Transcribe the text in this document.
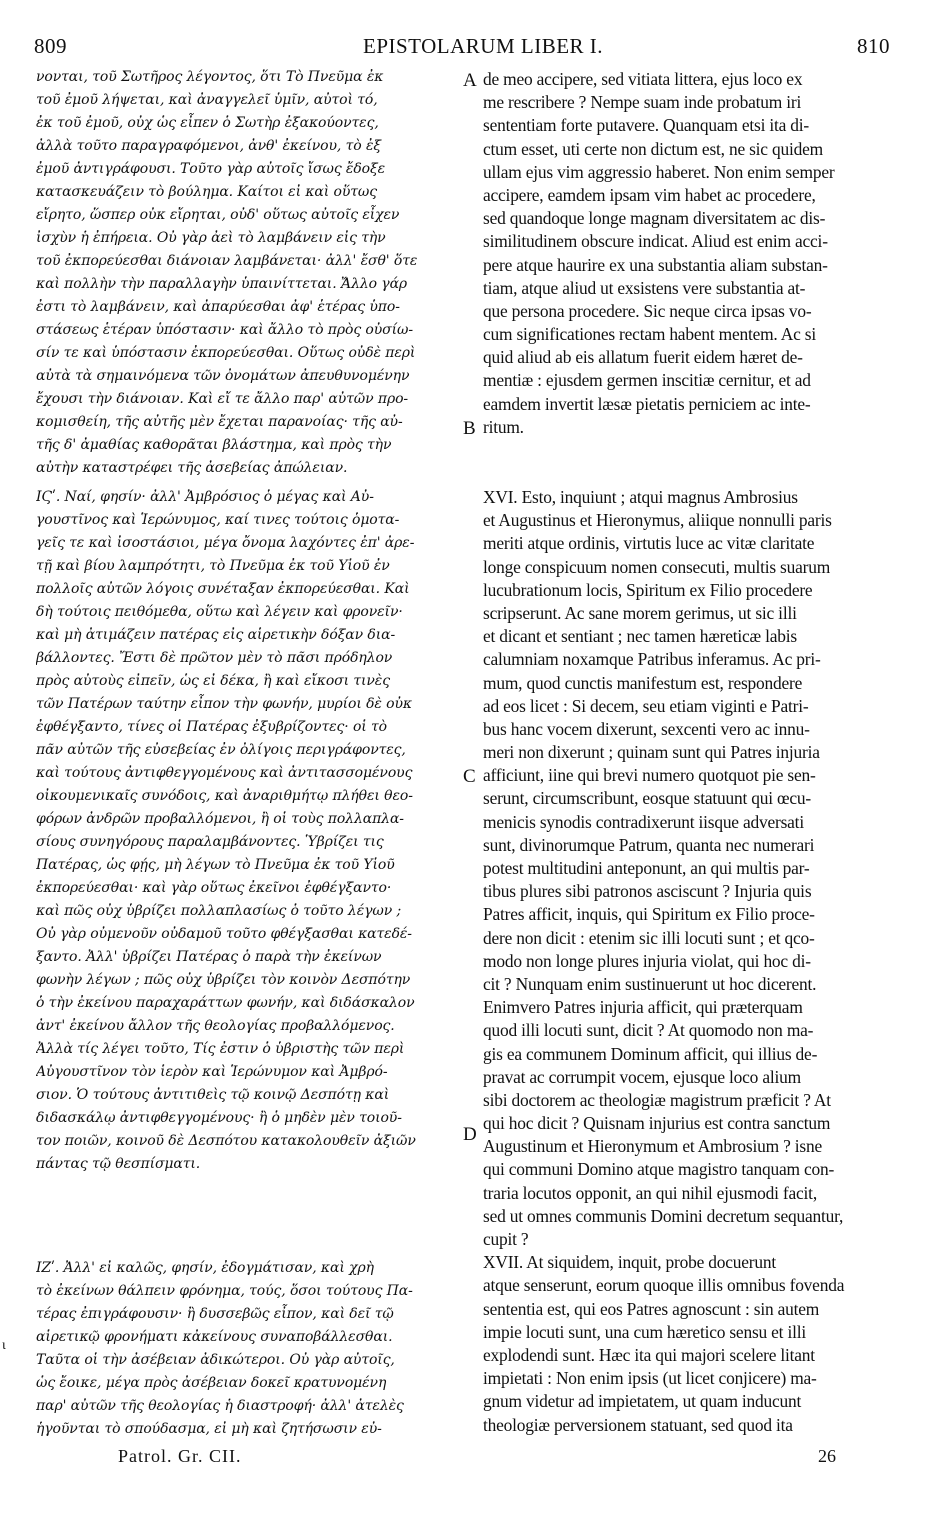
809	EPISTOLARUM LIBER I.	810
A
B
C
D
νονται, τοῦ Σωτῆρος λέγοντος, ὅτι Τὸ Πνεῦμα ἐκ
τοῦ ἐμοῦ λήψεται, καὶ ἀναγγελεῖ ὑμῖν, αὐτοὶ τό,
ἐκ τοῦ ἐμοῦ, οὐχ ὡς εἶπεν ὁ Σωτὴρ ἐξακούοντες,
ἀλλὰ τοῦτο παραγραφόμενοι, ἀνθ' ἐκείνου, τὸ ἐξ
ἐμοῦ ἀντιγράφουσι. Τοῦτο γὰρ αὐτοῖς ἴσως ἔδοξε
κατασκευάζειν τὸ βούλημα. Καίτοι εἰ καὶ οὕτως
εἴρητο, ὥσπερ οὐκ εἴρηται, οὐδ' οὕτως αὐτοῖς εἶχεν
ἰσχὺν ἡ ἐπήρεια. Οὐ γὰρ ἀεὶ τὸ λαμβάνειν εἰς τὴν
τοῦ ἐκπορεύεσθαι διάνοιαν λαμβάνεται· ἀλλ' ἔσθ' ὅτε
καὶ πολλὴν τὴν παραλλαγὴν ὑπαινίττεται. Ἄλλο γάρ
ἐστι τὸ λαμβάνειν, καὶ ἀπαρύεσθαι ἀφ' ἑτέρας ὑπο-
στάσεως ἑτέραν ὑπόστασιν· καὶ ἄλλο τὸ πρὸς οὐσίω-
σίν τε καὶ ὑπόστασιν ἐκπορεύεσθαι. Οὕτως οὐδὲ περὶ
αὐτὰ τὰ σημαινόμενα τῶν ὀνομάτων ἀπευθυνομένην
ἔχουσι τὴν διάνοιαν. Καὶ εἴ τε ἄλλο παρ' αὐτῶν προ-
κομισθείη, τῆς αὐτῆς μὲν ἔχεται παρανοίας· τῆς αὐ-
τῆς δ' ἀμαθίας καθορᾶται βλάστημα, καὶ πρὸς τὴν
αὐτὴν καταστρέφει τῆς ἀσεβείας ἀπώλειαν.
de meo accipere, sed vitiata littera, ejus loco ex
me rescribere ? Nempe suam inde probatum iri
sententiam forte putavere. Quanquam etsi ita di-
ctum esset, uti certe non dictum est, ne sic quidem
ullam ejus vim aggressio haberet. Non enim semper
accipere, eamdem ipsam vim habet ac procedere,
sed quandoque longe magnam diversitatem ac dis-
similitudinem obscure indicat. Aliud est enim acci-
pere atque haurire ex una substantia aliam substan-
tiam, atque aliud ut exsistens vere substantia at-
que persona procedere. Sic neque circa ipsas vo-
cum significationes rectam habent mentem. Ac si
quid aliud ab eis allatum fuerit eidem hæret de-
mentiæ : ejusdem germen inscitiæ cernitur, et ad
eamdem invertit læsæ pietatis perniciem ac inte-
ritum.
ΙϚʹ. Ναί, φησίν· ἀλλ' Ἀμβρόσιος ὁ μέγας καὶ Αὐ-
γουστῖνος καὶ Ἱερώνυμος, καί τινες τούτοις ὁμοτα-
γεῖς τε καὶ ἰσοστάσιοι, μέγα ὄνομα λαχόντες ἐπ' ἀρε-
τῇ καὶ βίου λαμπρότητι, τὸ Πνεῦμα ἐκ τοῦ Υἱοῦ ἐν
πολλοῖς αὐτῶν λόγοις συνέταξαν ἐκπορεύεσθαι. Καὶ
δὴ τούτοις πειθόμεθα, οὕτω καὶ λέγειν καὶ φρονεῖν·
καὶ μὴ ἀτιμάζειν πατέρας εἰς αἱρετικὴν δόξαν δια-
βάλλοντες. Ἔστι δὲ πρῶτον μὲν τὸ πᾶσι πρόδηλον
πρὸς αὐτοὺς εἰπεῖν, ὡς εἰ δέκα, ἢ καὶ εἴκοσι τινὲς
τῶν Πατέρων ταύτην εἶπον τὴν φωνήν, μυρίοι δὲ οὐκ
ἐφθέγξαντο, τίνες οἱ Πατέρας ἐξυβρίζοντες· οἱ τὸ
πᾶν αὐτῶν τῆς εὐσεβείας ἐν ὀλίγοις περιγράφοντες,
καὶ τούτους ἀντιφθεγγομένους καὶ ἀντιτασσομένους
οἰκουμενικαῖς συνόδοις, καὶ ἀναριθμήτῳ πλήθει θεο-
φόρων ἀνδρῶν προβαλλόμενοι, ἢ οἱ τοὺς πολλαπλα-
σίους συνηγόρους παραλαμβάνοντες. Ὑβρίζει τις
Πατέρας, ὡς φῄς, μὴ λέγων τὸ Πνεῦμα ἐκ τοῦ Υἱοῦ
ἐκπορεύεσθαι· καὶ γὰρ οὕτως ἐκεῖνοι ἐφθέγξαντο·
καὶ πῶς οὐχ ὑβρίζει πολλαπλασίως ὁ τοῦτο λέγων ;
Οὐ γὰρ οὐμενοῦν οὐδαμοῦ τοῦτο φθέγξασθαι κατεδέ-
ξαντο. Ἀλλ' ὑβρίζει Πατέρας ὁ παρὰ τὴν ἐκείνων
φωνὴν λέγων ; πῶς οὐχ ὑβρίζει τὸν κοινὸν Δεσπότην
ὁ τὴν ἐκείνου παραχαράττων φωνήν, καὶ διδάσκαλον
ἀντ' ἐκείνου ἄλλον τῆς θεολογίας προβαλλόμενος.
Ἀλλὰ τίς λέγει τοῦτο, Τίς ἐστιν ὁ ὑβριστὴς τῶν περὶ
Αὐγουστῖνον τὸν ἱερὸν καὶ Ἱερώνυμον καὶ Ἀμβρό-
σιον. Ὁ τούτους ἀντιτιθεὶς τῷ κοινῷ Δεσπότῃ καὶ
διδασκάλῳ ἀντιφθεγγομένους· ἢ ὁ μηδὲν μὲν τοιοῦ-
τον ποιῶν, κοινοῦ δὲ Δεσπότου κατακολουθεῖν ἀξιῶν
πάντας τῷ θεσπίσματι.
XVI. Esto, inquiunt ; atqui magnus Ambrosius
et Augustinus et Hieronymus, aliique nonnulli paris
meriti atque ordinis, virtutis luce ac vitæ claritate
longe conspicuum nomen consecuti, multis suarum
lucubrationum locis, Spiritum ex Filio procedere
scripserunt. Ac sane morem gerimus, ut sic illi
et dicant et sentiant ; nec tamen hæreticæ labis
calumniam noxamque Patribus inferamus. Ac pri-
mum, quod cunctis manifestum est, respondere
ad eos licet : Si decem, seu etiam viginti e Patri-
bus hanc vocem dixerunt, sexcenti vero ac innu-
meri non dixerunt ; quinam sunt qui Patres injuria
afficiunt, iine qui brevi numero quotquot pie sen-
serunt, circumscribunt, eosque statuunt qui œcu-
menicis synodis contradixerunt iisque adversati
sunt, divinorumque Patrum, quanta nec numerari
potest multitudini anteponunt, an qui multis par-
tibus plures sibi patronos asciscunt ? Injuria quis
Patres afficit, inquis, qui Spiritum ex Filio proce-
dere non dicit : etenim sic illi locuti sunt ; et qco-
modo non longe plures injuria violat, qui hoc di-
cit ? Nunquam enim sustinuerunt ut hoc dicerent.
Enimvero Patres injuria afficit, qui præterquam
quod illi locuti sunt, dicit ? At quomodo non ma-
gis ea communem Dominum afficit, qui illius de-
pravat ac corrumpit vocem, ejusque loco alium
sibi doctorem ac theologiæ magistrum præficit ? At
qui hoc dicit ? Quisnam injurius est contra sanctum
Augustinum et Hieronymum et Ambrosium ? isne
qui communi Domino atque magistro tanquam con-
traria locutos opponit, an qui nihil ejusmodi facit,
sed ut omnes communis Domini decretum sequantur,
cupit ?
XVII. At siquidem, inquit, probe docuerunt
atque senserunt, eorum quoque illis omnibus fovenda
sententia est, qui eos Patres agnoscunt : sin autem
impie locuti sunt, una cum hæretico sensu et illi
explodendi sunt. Hæc ita qui majori scelere litant
impietati : Non enim ipsis (ut licet conjicere) ma-
gnum videtur ad impietatem, ut quam inducunt
theologiæ perversionem statuant, sed quod ita
ΙΖʹ. Ἀλλ' εἰ καλῶς, φησίν, ἐδογμάτισαν, καὶ χρὴ
τὸ ἐκείνων θάλπειν φρόνημα, τούς, ὅσοι τούτους Πα-
τέρας ἐπιγράφουσιν· ἢ δυσσεβῶς εἶπον, καὶ δεῖ τῷ
αἱρετικῷ φρονήματι κἀκείνους συναποβάλλεσθαι.
Ταῦτα οἱ τὴν ἀσέβειαν ἀδικώτεροι. Οὐ γὰρ αὐτοῖς,
ὡς ἔοικε, μέγα πρὸς ἀσέβειαν δοκεῖ κρατυνομένη
παρ' αὐτῶν τῆς θεολογίας ἡ διαστροφή· ἀλλ' ἀτελὲς
ἡγοῦνται τὸ σπούδασμα, εἰ μὴ καὶ ζητήσωσιν εὐ-
ι
Patrol. Gr. CII.	26
